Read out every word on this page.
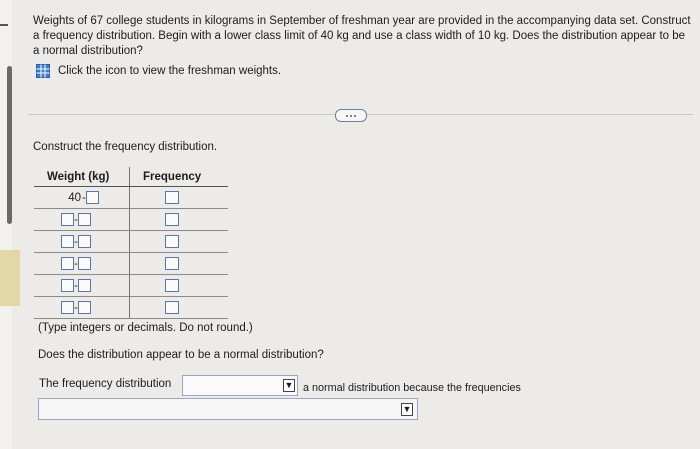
Weights of 67 college students in kilograms in September of freshman year are provided in the accompanying data set. Construct a frequency distribution. Begin with a lower class limit of 40 kg and use a class width of 10 kg. Does the distribution appear to be a normal distribution?
Click the icon to view the freshman weights.
Construct the frequency distribution.
Weight (kg)	Frequency

40 -	

-	

-	

-	

-	

-	

(Type integers or decimals. Do not round.)
Does the distribution appear to be a normal distribution?
The frequency distribution	▼ a normal distribution because the frequencies
▼
